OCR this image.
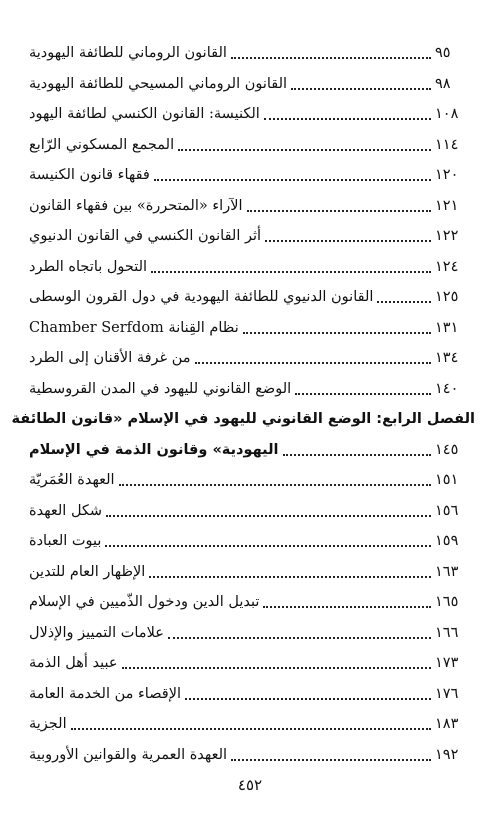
القانون الروماني للطائفة اليهودية	٩٥
القانون الروماني المسيحي للطائفة اليهودية	٩٨
الكنيسة: القانون الكنسي لطائفة اليهود	١٠٨
المجمع المسكوني الرّابع	١١٤
فقهاء قانون الكنيسة	١٢٠
الآراء «المتحررة» بين فقهاء القانون	١٢١
أثر القانون الكنسي في القانون الدنيوي	١٢٢
التحول باتجاه الطرد	١٢٤
القانون الدنيوي للطائفة اليهودية في دول القرون الوسطى	١٢٥
نظام القِنانة Chamber Serfdom	١٣١
من غرفة الأقنان إلى الطرد	١٣٤
الوضع القانوني لليهود في المدن القروسطية	١٤٠
الفصل الرابع: الوضع القانوني لليهود في الإسلام «قانون الطائفة
اليهودية» وقانون الذمة في الإسلام	١٤٥
العهدة العُمَريّة	١٥١
شكل العهدة	١٥٦
بيوت العبادة	١٥٩
الإظهار العام للتدين	١٦٣
تبديل الدين ودخول الذّميين في الإسلام	١٦٥
علامات التمييز والإذلال	١٦٦
عبيد أهل الذمة	١٧٣
الإقصاء من الخدمة العامة	١٧٦
الجزية	١٨٣
العهدة العمرية والقوانين الأوروبية	١٩٢
٤٥٢
